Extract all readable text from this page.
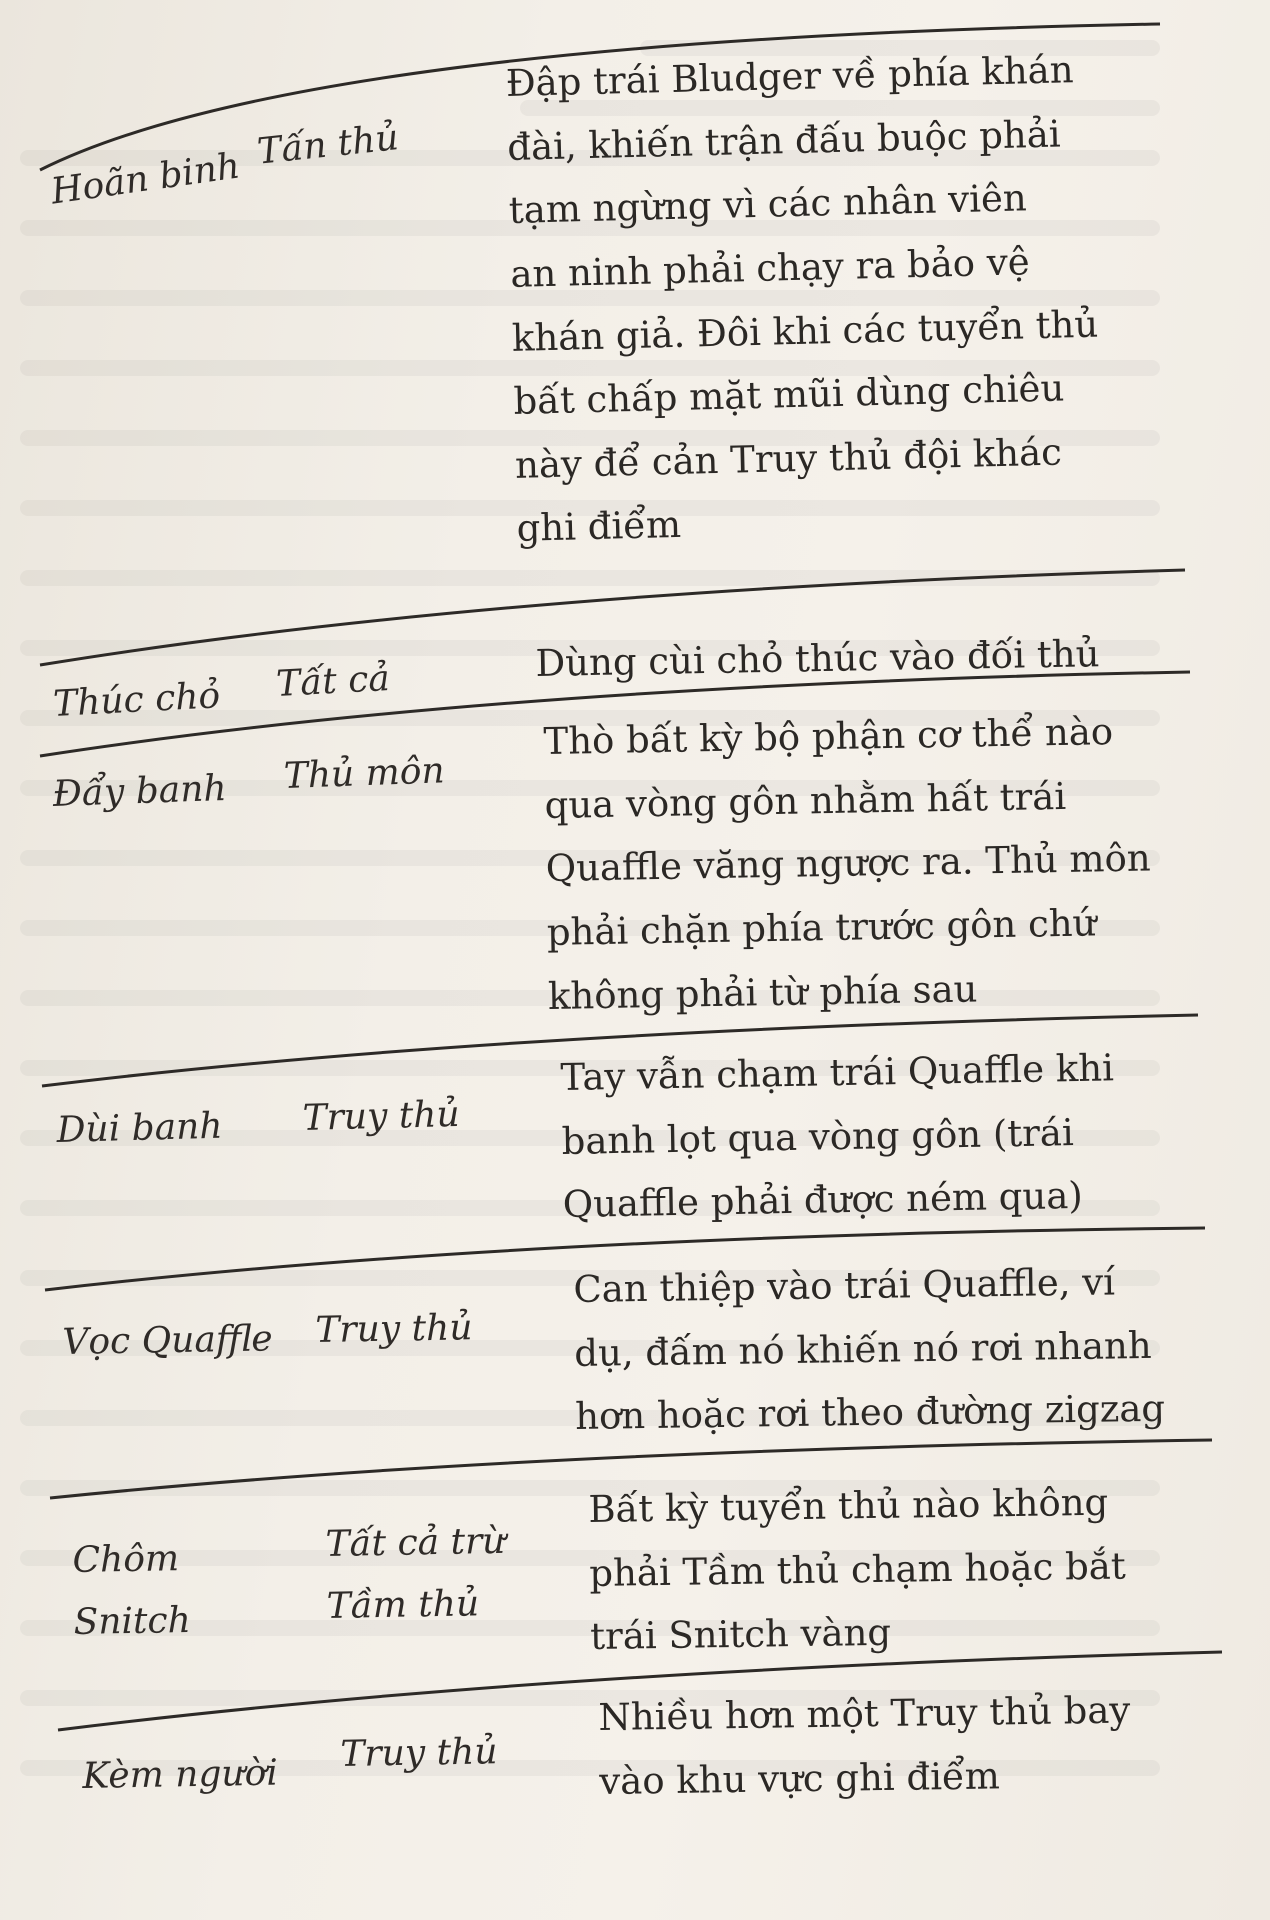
Hoãn binh
Tấn thủ
Đập trái Bludger về phía khán
đài, khiến trận đấu buộc phải
tạm ngừng vì các nhân viên
an ninh phải chạy ra bảo vệ
khán giả. Đôi khi các tuyển thủ
bất chấp mặt mũi dùng chiêu
này để cản Truy thủ đội khác
ghi điểm
Thúc chỏ Tất cả	Dùng cùi chỏ thúc vào đối thủ
Đẩy banh Thủ môn
Thò bất kỳ bộ phận cơ thể nào
qua vòng gôn nhằm hất trái
Quaffle văng ngược ra. Thủ môn
phải chặn phía trước gôn chứ
không phải từ phía sau
Dùi banh Truy thủ
Tay vẫn chạm trái Quaffle khi
banh lọt qua vòng gôn (trái
Quaffle phải được ném qua)
Vọc Quaffle Truy thủ
Can thiệp vào trái Quaffle, ví
dụ, đấm nó khiến nó rơi nhanh
hơn hoặc rơi theo đường zigzag
Chôm
Snitch
Tất cả trừ
Tầm thủ
Bất kỳ tuyển thủ nào không
phải Tầm thủ chạm hoặc bắt
trái Snitch vàng
Kèm người Truy thủ
Nhiều hơn một Truy thủ bay
vào khu vực ghi điểm
